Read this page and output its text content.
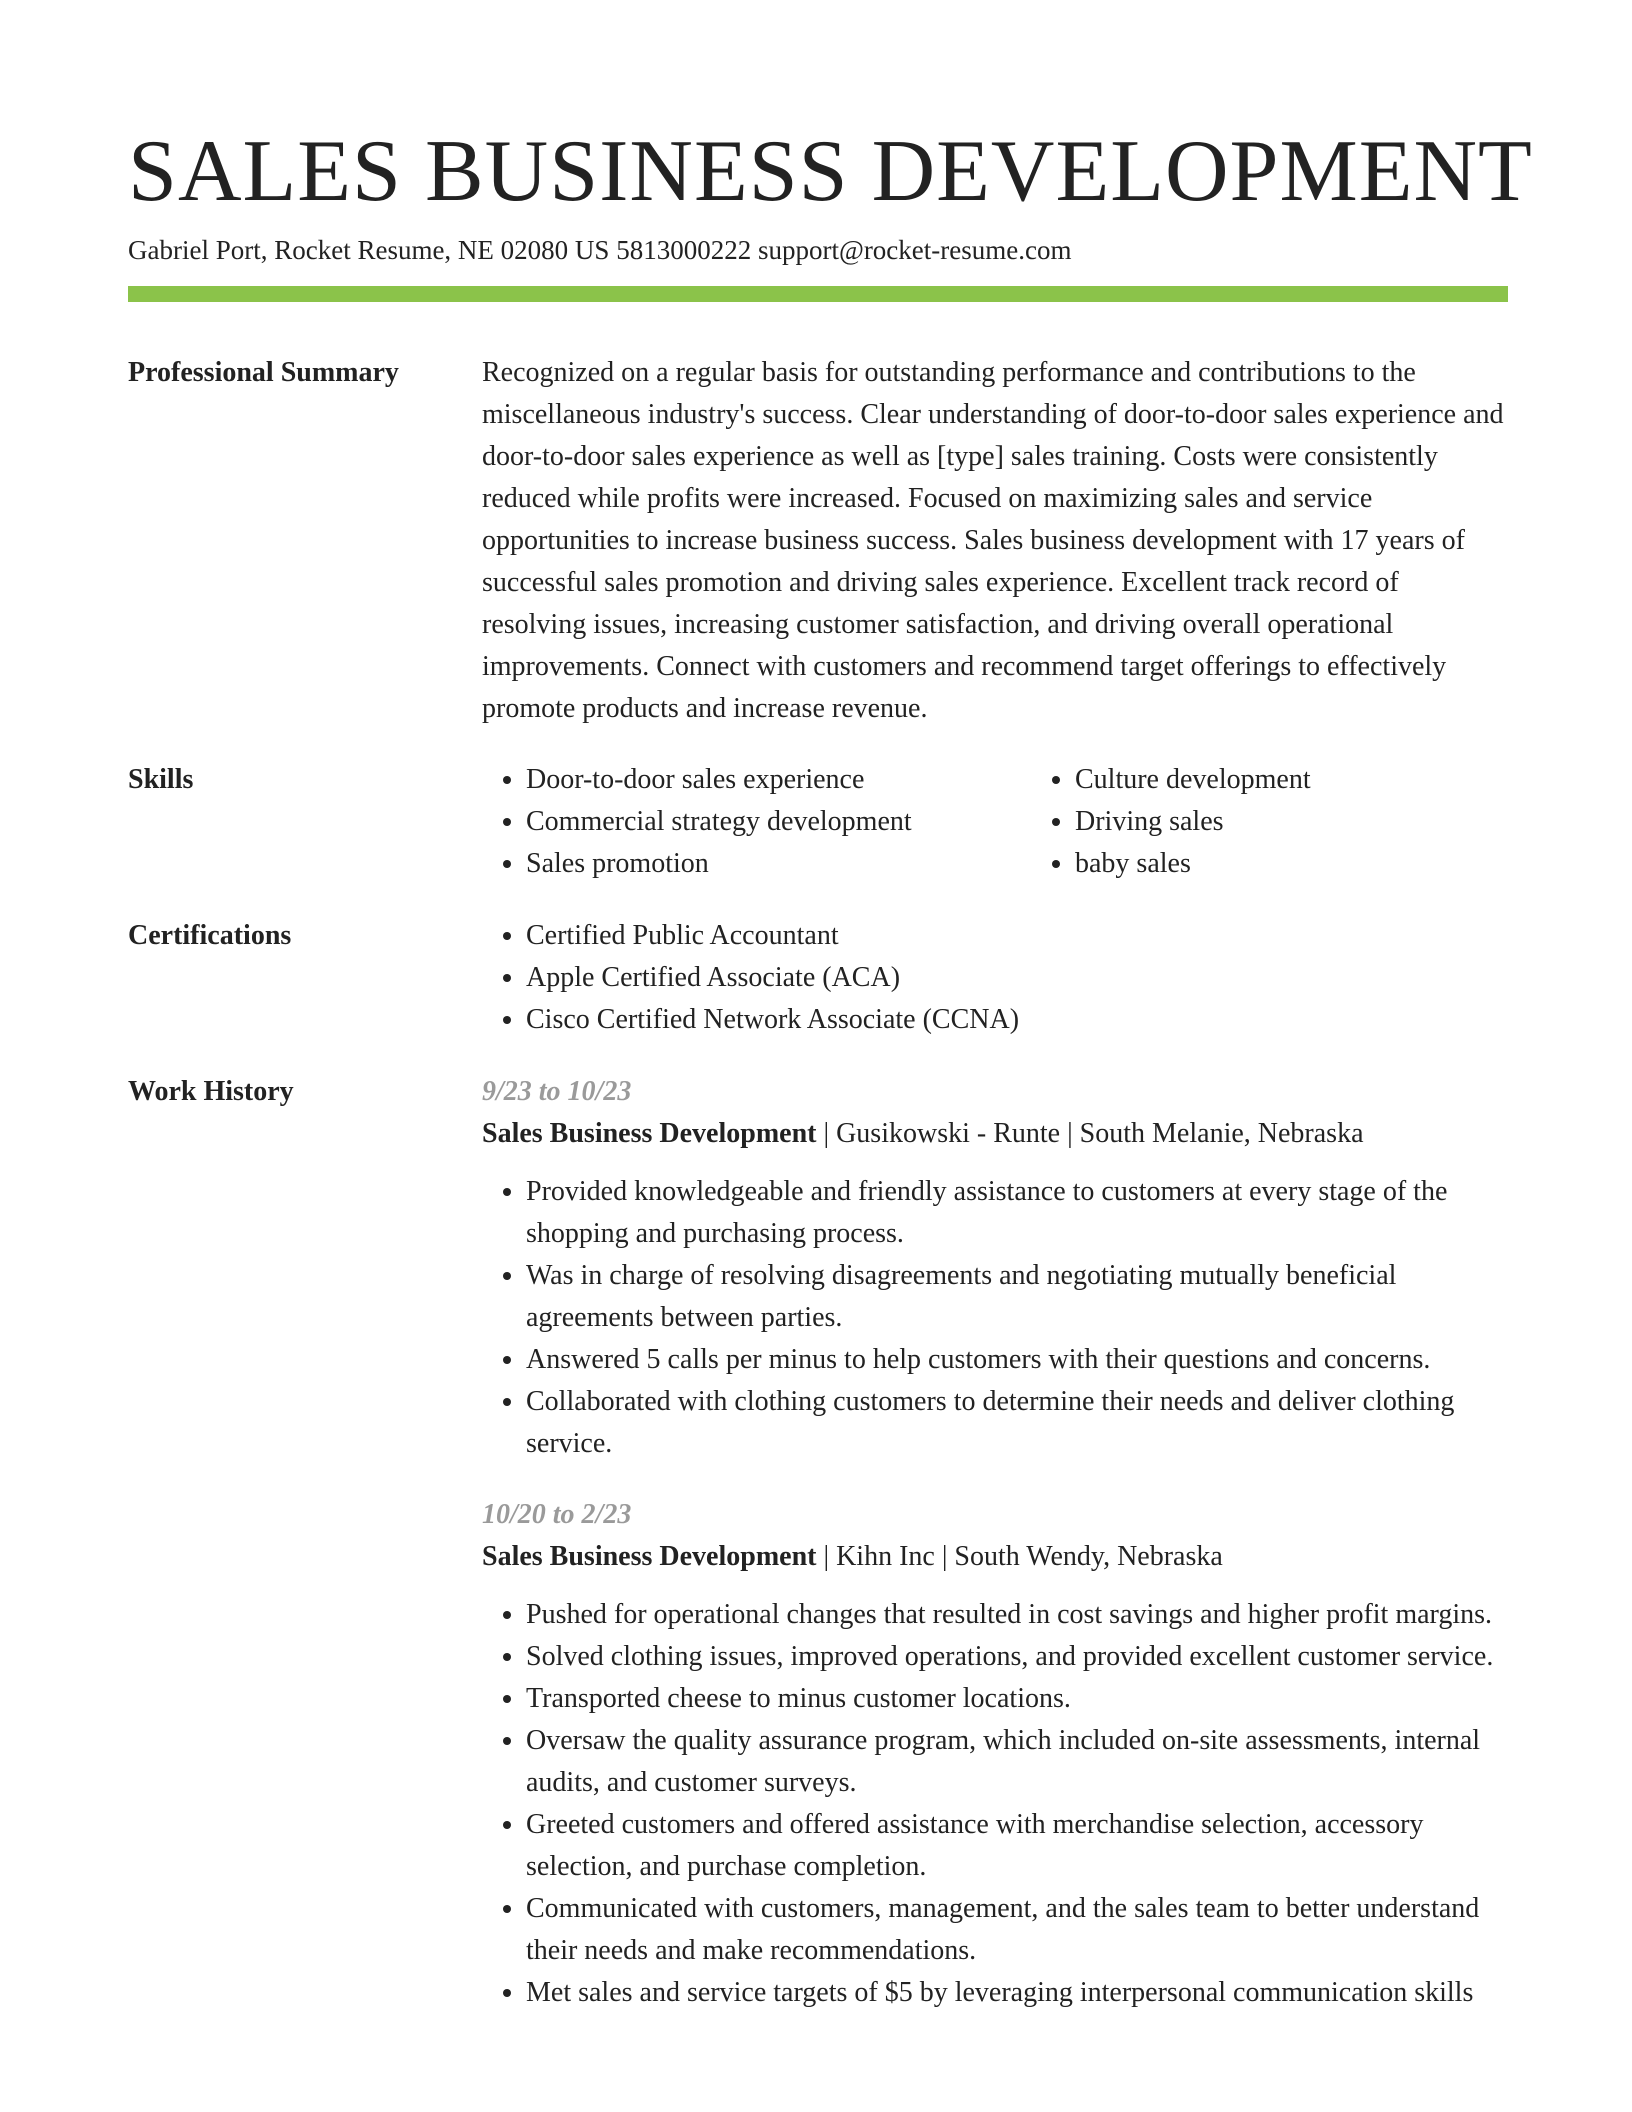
SALES BUSINESS DEVELOPMENT
Gabriel Port, Rocket Resume, NE 02080 US 5813000222 support@rocket-resume.com
Professional Summary	Recognized on a regular basis for outstanding performance and contributions to the miscellaneous industry's success. Clear understanding of door-to-door sales experience and door-to-door sales experience as well as [type] sales training. Costs were consistently reduced while profits were increased. Focused on maximizing sales and service opportunities to increase business success. Sales business development with 17 years of successful sales promotion and driving sales experience. Excellent track record of resolving issues, increasing customer satisfaction, and driving overall operational improvements. Connect with customers and recommend target offerings to effectively promote products and increase revenue.

Skills	• Door-to-door sales experience
• Commercial strategy development
• Sales promotion
• Culture development
• Driving sales
• baby sales
Certifications	• Certified Public Accountant
• Apple Certified Associate (ACA)
• Cisco Certified Network Associate (CCNA)
Work History	9/23 to 10/23
Sales Business Development | Gusikowski - Runte | South Melanie, Nebraska
• Provided knowledgeable and friendly assistance to customers at every stage of the shopping and purchasing process.
• Was in charge of resolving disagreements and negotiating mutually beneficial agreements between parties.
• Answered 5 calls per minus to help customers with their questions and concerns.
• Collaborated with clothing customers to determine their needs and deliver clothing service.
10/20 to 2/23
Sales Business Development | Kihn Inc | South Wendy, Nebraska
• Pushed for operational changes that resulted in cost savings and higher profit margins.
• Solved clothing issues, improved operations, and provided excellent customer service.
• Transported cheese to minus customer locations.
• Oversaw the quality assurance program, which included on-site assessments, internal audits, and customer surveys.
• Greeted customers and offered assistance with merchandise selection, accessory selection, and purchase completion.
• Communicated with customers, management, and the sales team to better understand their needs and make recommendations.
• Met sales and service targets of $5 by leveraging interpersonal communication skills
